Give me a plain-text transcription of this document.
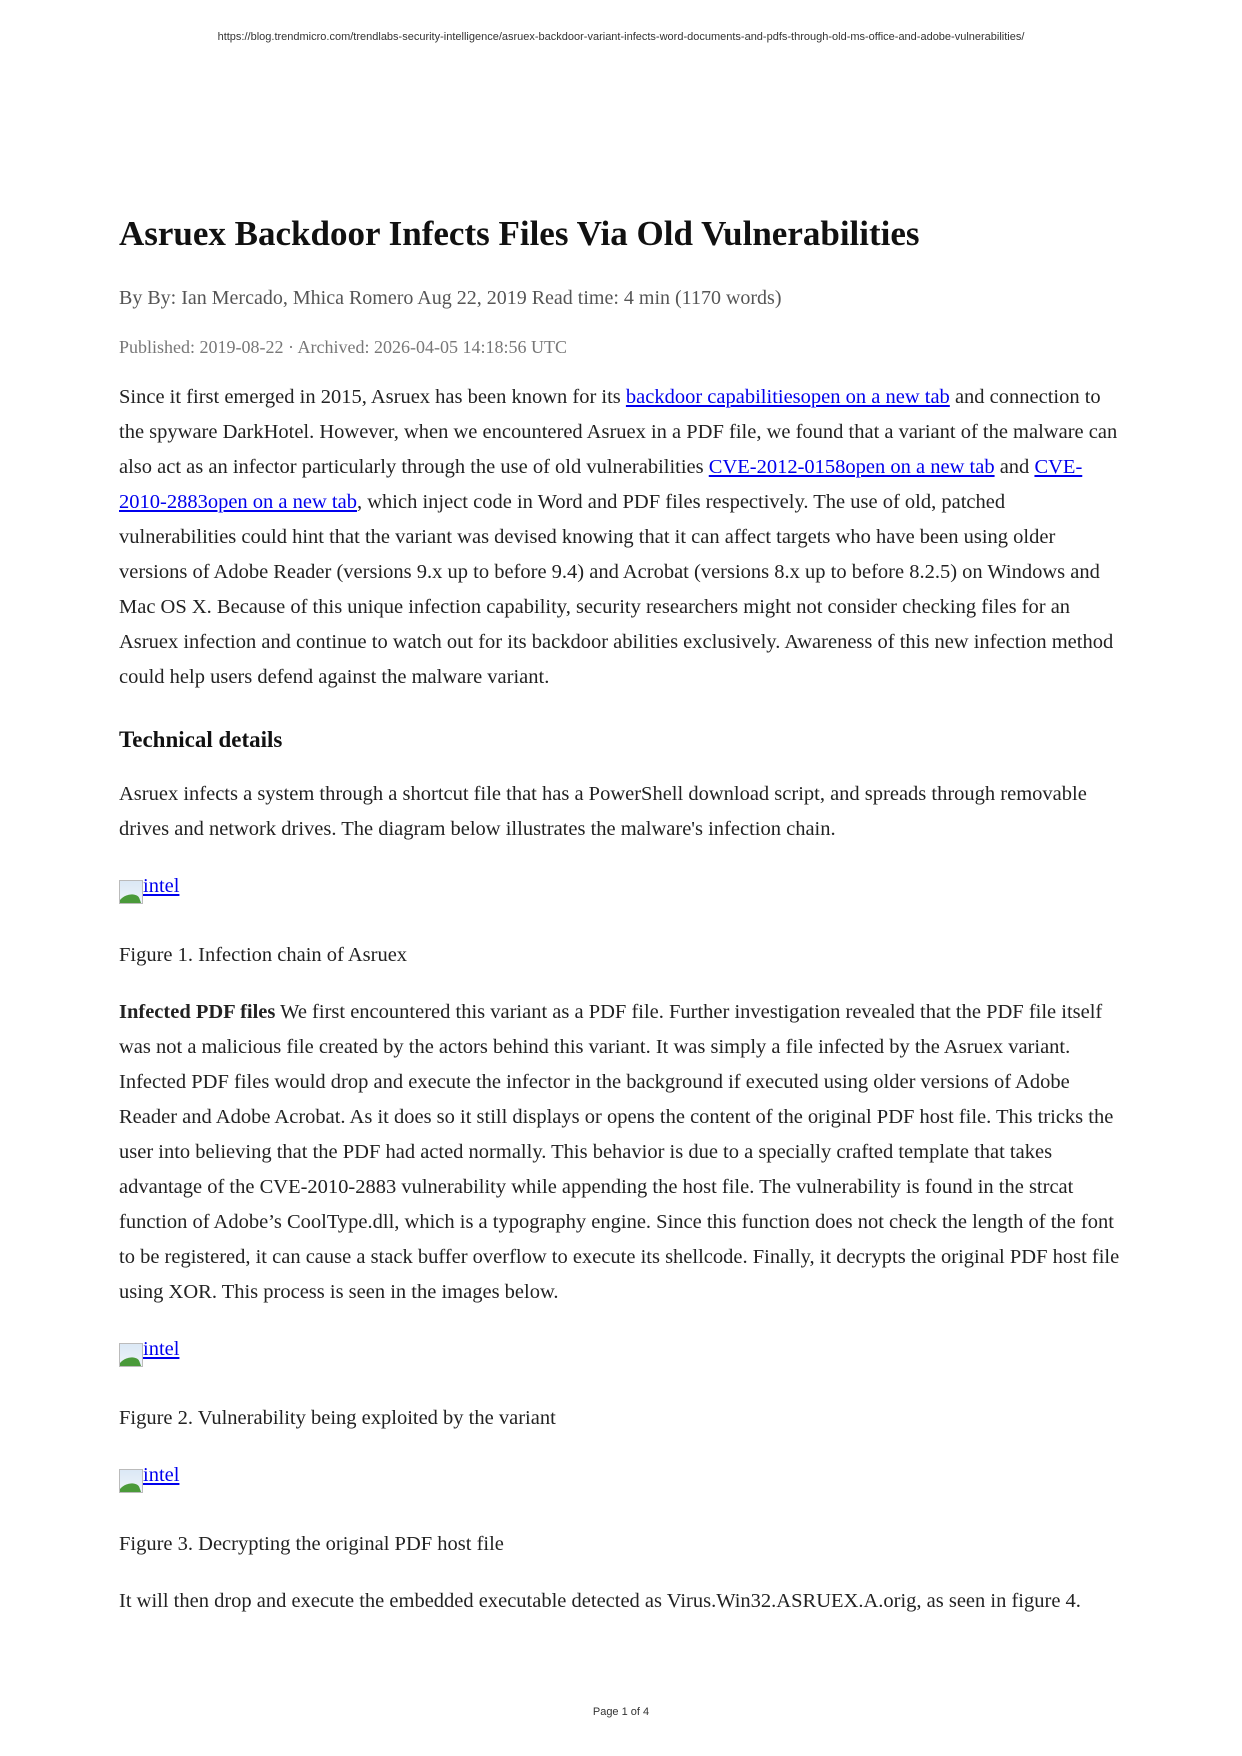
https://blog.trendmicro.com/trendlabs-security-intelligence/asruex-backdoor-variant-infects-word-documents-and-pdfs-through-old-ms-office-and-adobe-vulnerabilities/
Asruex Backdoor Infects Files Via Old Vulnerabilities
By By: Ian Mercado, Mhica Romero Aug 22, 2019 Read time: 4 min (1170 words)
Published: 2019-08-22 · Archived: 2026-04-05 14:18:56 UTC

Since it first emerged in 2015, Asruex has been known for its backdoor capabilitiesopen on a new tab and connection to the spyware DarkHotel. However, when we encountered Asruex in a PDF file, we found that a variant of the malware can also act as an infector particularly through the use of old vulnerabilities CVE-2012-0158open on a new tab and CVE-2010-2883open on a new tab, which inject code in Word and PDF files respectively. The use of old, patched vulnerabilities could hint that the variant was devised knowing that it can affect targets who have been using older versions of Adobe Reader (versions 9.x up to before 9.4) and Acrobat (versions 8.x up to before 8.2.5) on Windows and Mac OS X. Because of this unique infection capability, security researchers might not consider checking files for an Asruex infection and continue to watch out for its backdoor abilities exclusively. Awareness of this new infection method could help users defend against the malware variant.

Technical details

Asruex infects a system through a shortcut file that has a PowerShell download script, and spreads through removable drives and network drives. The diagram below illustrates the malware's infection chain.

intel

Figure 1. Infection chain of Asruex

Infected PDF files We first encountered this variant as a PDF file. Further investigation revealed that the PDF file itself was not a malicious file created by the actors behind this variant. It was simply a file infected by the Asruex variant. Infected PDF files would drop and execute the infector in the background if executed using older versions of Adobe Reader and Adobe Acrobat. As it does so it still displays or opens the content of the original PDF host file. This tricks the user into believing that the PDF had acted normally. This behavior is due to a specially crafted template that takes advantage of the CVE-2010-2883 vulnerability while appending the host file. The vulnerability is found in the strcat function of Adobe’s CoolType.dll, which is a typography engine. Since this function does not check the length of the font to be registered, it can cause a stack buffer overflow to execute its shellcode. Finally, it decrypts the original PDF host file using XOR. This process is seen in the images below.

intel

Figure 2. Vulnerability being exploited by the variant

intel

Figure 3. Decrypting the original PDF host file

It will then drop and execute the embedded executable detected as Virus.Win32.ASRUEX.A.orig, as seen in figure 4.

Page 1 of 4
